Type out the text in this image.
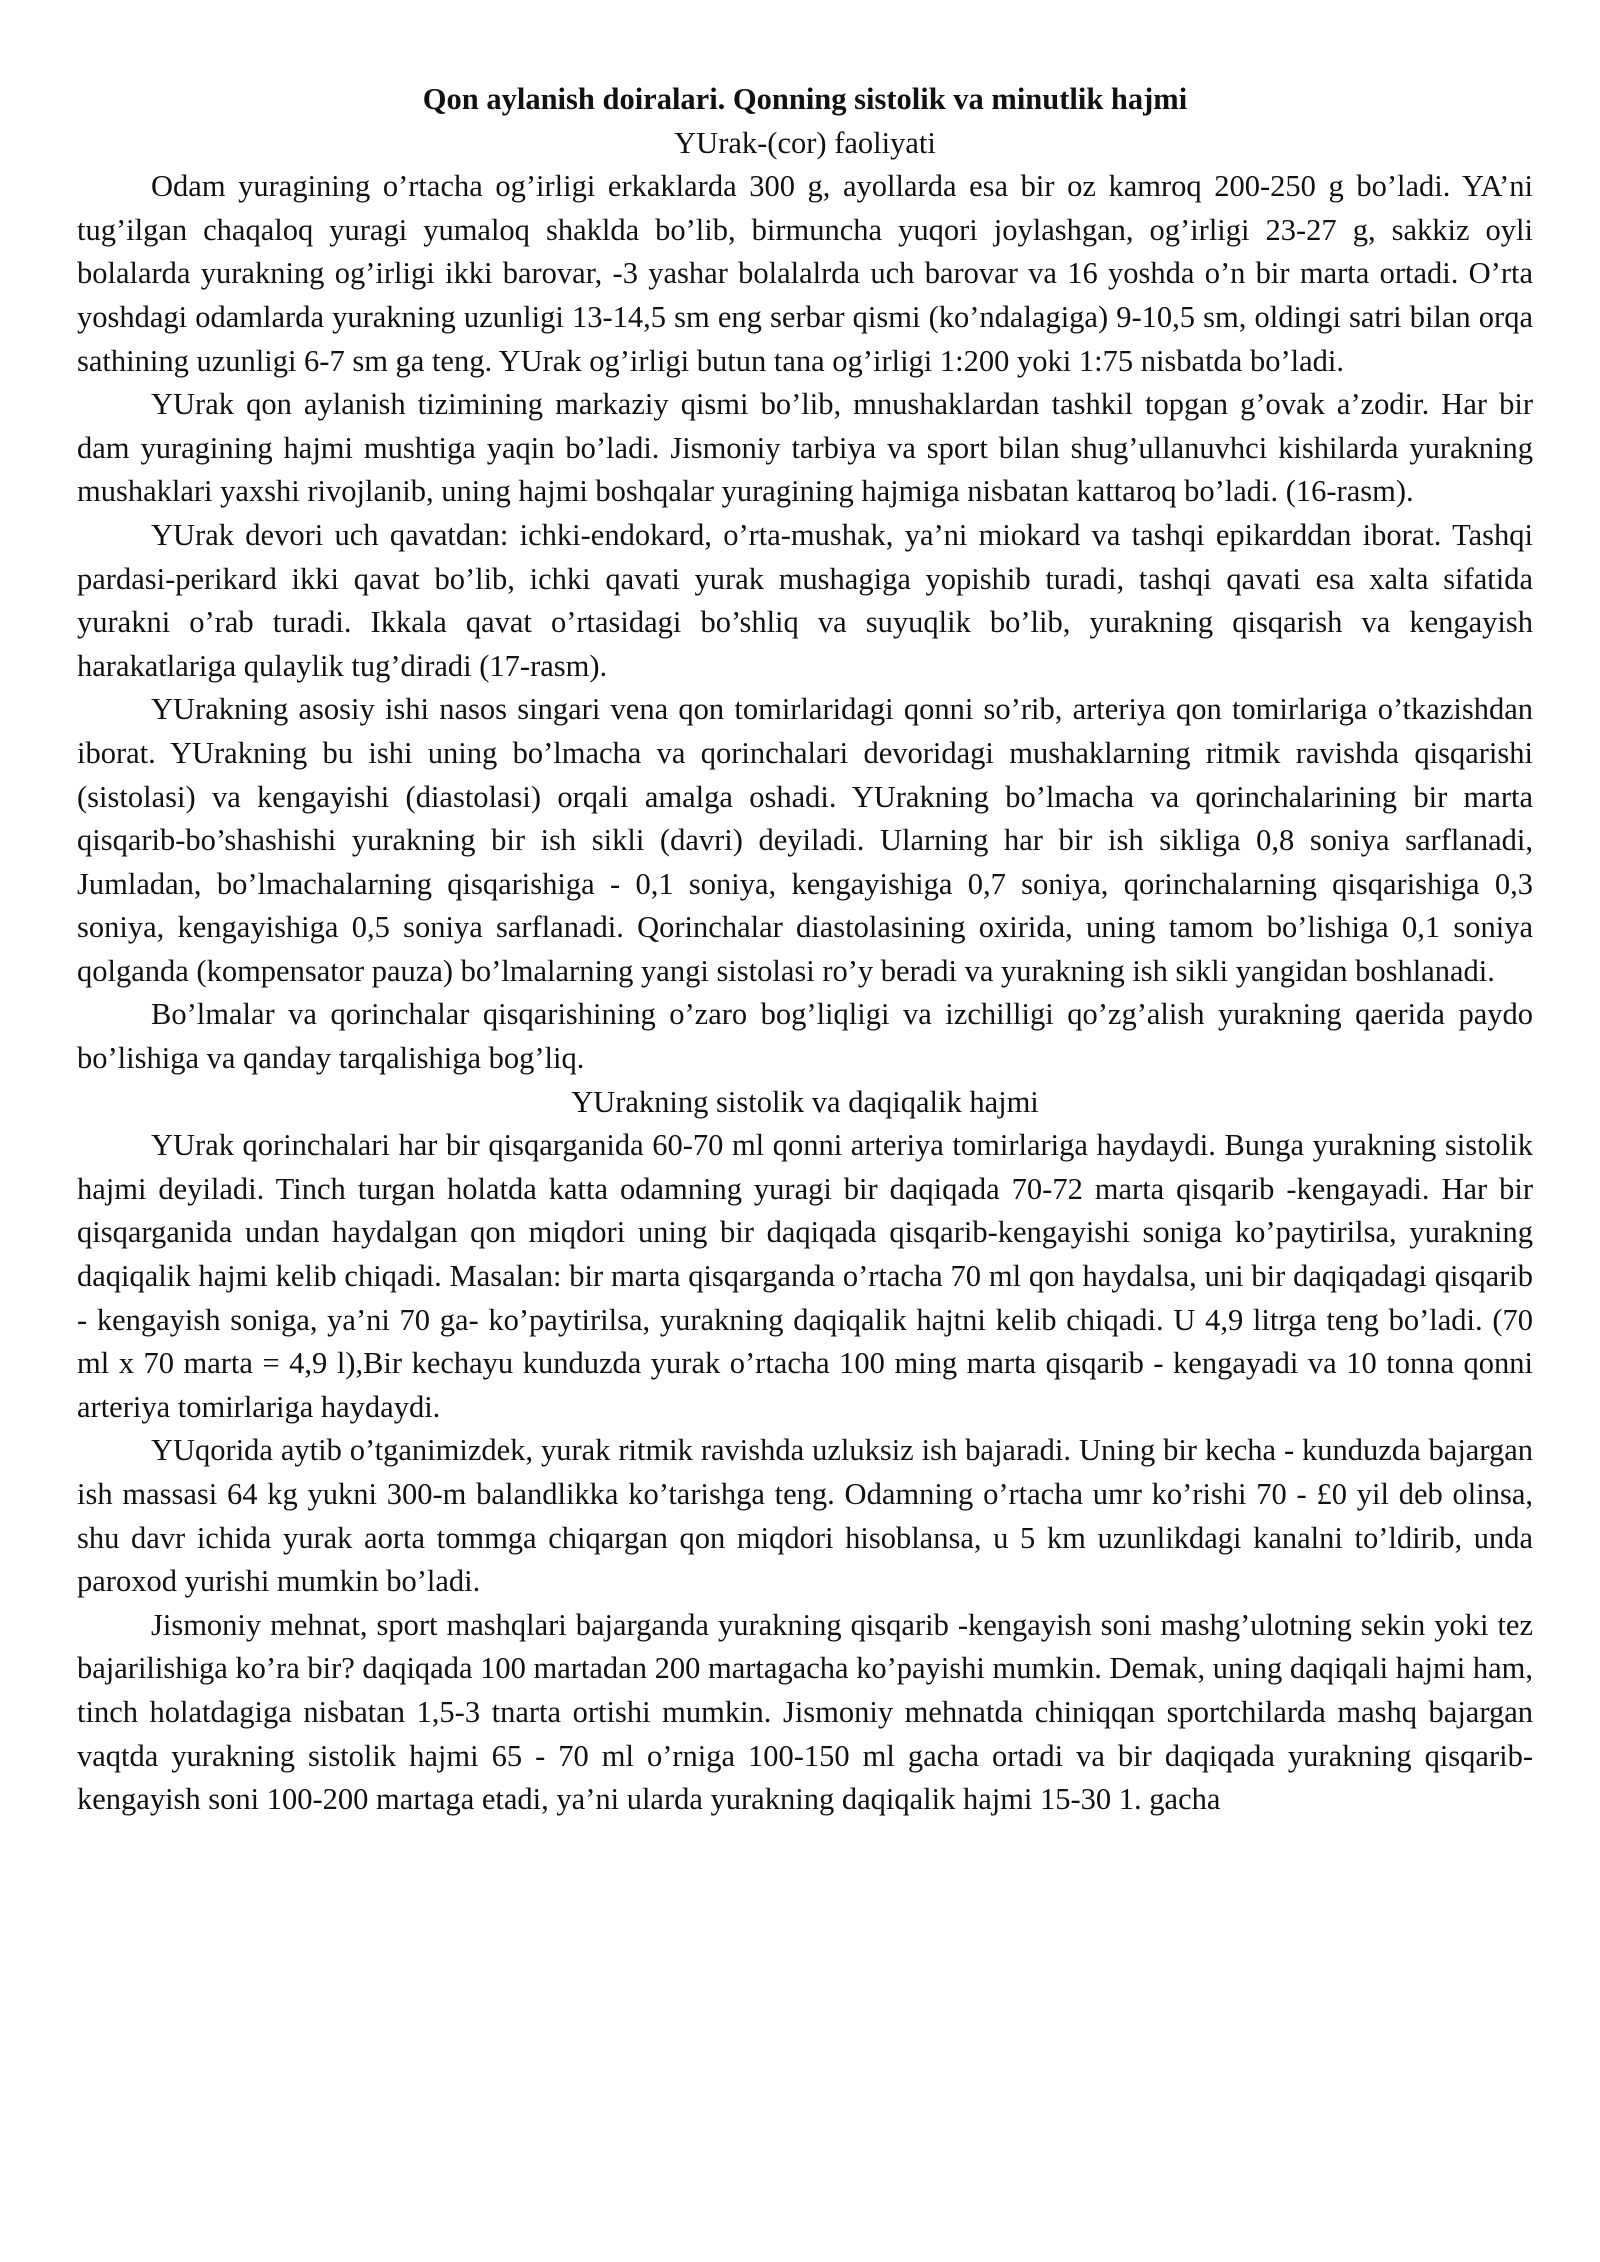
Qon aylanish doiralari. Qonning sistolik va minutlik hajmi

YUrak-(cor) faoliyati

Odam yuragining o’rtacha og’irligi erkaklarda 300 g, ayollarda esa bir oz kamroq 200-250 g bo’ladi. YA’ni tug’ilgan chaqaloq yuragi yumaloq shaklda bo’lib, birmuncha yuqori joylashgan, og’irligi 23-27 g, sakkiz oyli bolalarda yurakning og’irligi ikki barovar, -3 yashar bolalalrda uch barovar va 16 yoshda o’n bir marta ortadi. O’rta yoshdagi odamlarda yurakning uzunligi 13-14,5 sm eng serbar qismi (ko’ndalagiga) 9-10,5 sm, oldingi satri bilan orqa sathining uzunligi 6-7 sm ga teng. YUrak og’irligi butun tana og’irligi 1:200 yoki 1:75 nisbatda bo’ladi.

YUrak qon aylanish tizimining markaziy qismi bo’lib, mnushaklardan tashkil topgan g’ovak a’zodir. Har bir dam yuragining hajmi mushtiga yaqin bo’ladi. Jismoniy tarbiya va sport bilan shug’ullanuvhci kishilarda yurakning mushaklari yaxshi rivojlanib, uning hajmi boshqalar yuragining hajmiga nisbatan kattaroq bo’ladi. (16-rasm).

YUrak devori uch qavatdan: ichki-endokard, o’rta-mushak, ya’ni miokard va tashqi epikarddan iborat. Tashqi pardasi-perikard ikki qavat bo’lib, ichki qavati yurak mushagiga yopishib turadi, tashqi qavati esa xalta sifatida yurakni o’rab turadi. Ikkala qavat o’rtasidagi bo’shliq va suyuqlik bo’lib, yurakning qisqarish va kengayish harakatlariga qulaylik tug’diradi (17-rasm).

YUrakning asosiy ishi nasos singari vena qon tomirlaridagi qonni so’rib, arteriya qon tomirlariga o’tkazishdan iborat. YUrakning bu ishi uning bo’lmacha va qorinchalari devoridagi mushaklarning ritmik ravishda qisqarishi (sistolasi) va kengayishi (diastolasi) orqali amalga oshadi. YUrakning bo’lmacha va qorinchalarining bir marta qisqarib-bo’shashishi yurakning bir ish sikli (davri) deyiladi. Ularning har bir ish sikliga 0,8 soniya sarflanadi, Jumladan, bo’lmachalarning qisqarishiga - 0,1 soniya, kengayishiga 0,7 soniya, qorinchalarning qisqarishiga 0,3 soniya, kengayishiga 0,5 soniya sarflanadi. Qorinchalar diastolasining oxirida, uning tamom bo’lishiga 0,1 soniya qolganda (kompensator pauza) bo’lmalarning yangi sistolasi ro’y beradi va yurakning ish sikli yangidan boshlanadi.

Bo’lmalar va qorinchalar qisqarishining o’zaro bog’liqligi va izchilligi qo’zg’alish yurakning qaerida paydo bo’lishiga va qanday tarqalishiga bog’liq.

YUrakning sistolik va daqiqalik hajmi

YUrak qorinchalari har bir qisqarganida 60-70 ml qonni arteriya tomirlariga haydaydi. Bunga yurakning sistolik hajmi deyiladi. Tinch turgan holatda katta odamning yuragi bir daqiqada 70-72 marta qisqarib -kengayadi. Har bir qisqarganida undan haydalgan qon miqdori uning bir daqiqada qisqarib-kengayishi soniga ko’paytirilsa, yurakning daqiqalik hajmi kelib chiqadi. Masalan: bir marta qisqarganda o’rtacha 70 ml qon haydalsa, uni bir daqiqadagi qisqarib - kengayish soniga, ya’ni 70 ga- ko’paytirilsa, yurakning daqiqalik hajtni kelib chiqadi. U 4,9 litrga teng bo’ladi. (70 ml x 70 marta = 4,9 l),Bir kechayu kunduzda yurak o’rtacha 100 ming marta qisqarib - kengayadi va 10 tonna qonni arteriya tomirlariga haydaydi.

YUqorida aytib o’tganimizdek, yurak ritmik ravishda uzluksiz ish bajaradi. Uning bir kecha - kunduzda bajargan ish massasi 64 kg yukni 300-m balandlikka ko’tarishga teng. Odamning o’rtacha umr ko’rishi 70 - £0 yil deb olinsa, shu davr ichida yurak aorta tommga chiqargan qon miqdori hisoblansa, u 5 km uzunlikdagi kanalni to’ldirib, unda paroxod yurishi mumkin bo’ladi.

Jismoniy mehnat, sport mashqlari bajarganda yurakning qisqarib -kengayish soni mashg’ulotning sekin yoki tez bajarilishiga ko’ra bir? daqiqada 100 martadan 200 martagacha ko’payishi mumkin. Demak, uning daqiqali hajmi ham, tinch holatdagiga nisbatan 1,5-3 tnarta ortishi mumkin. Jismoniy mehnatda chiniqqan sportchilarda mashq bajargan vaqtda yurakning sistolik hajmi 65 - 70 ml o’rniga 100-150 ml gacha ortadi va bir daqiqada yurakning qisqarib-kengayish soni 100-200 martaga etadi, ya’ni ularda yurakning daqiqalik hajmi 15-30 1. gacha
